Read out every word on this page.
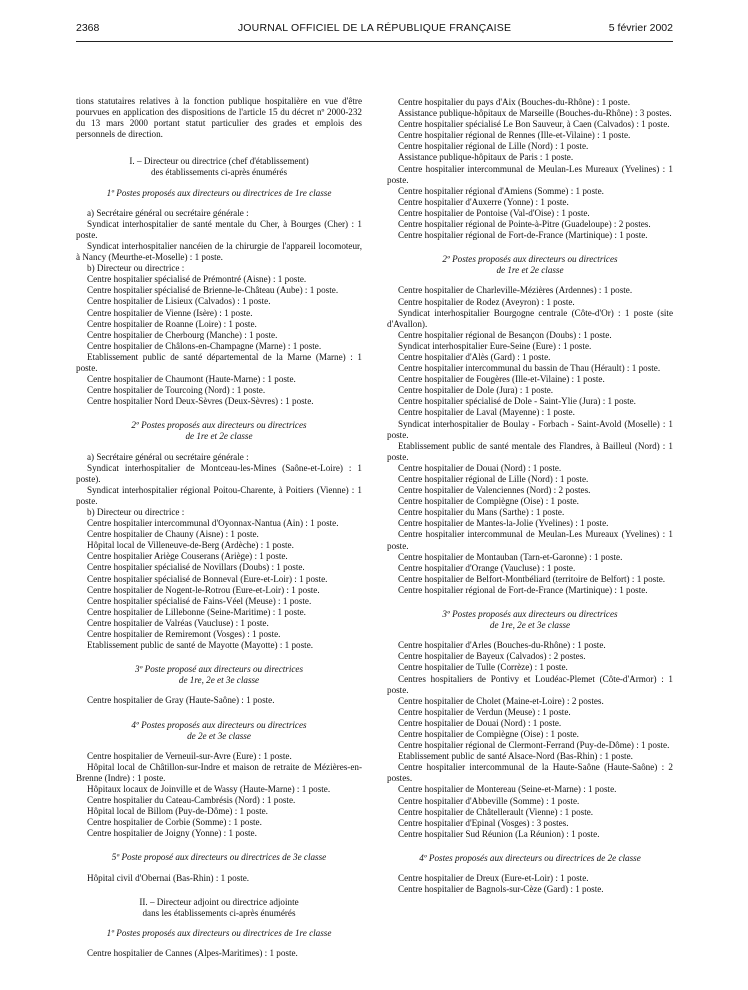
2368	JOURNAL OFFICIEL DE LA RÉPUBLIQUE FRANÇAISE	5 février 2002

tions statutaires relatives à la fonction publique hospitalière en vue d'être pourvues en application des dispositions de l'article 15 du décret nº 2000-232 du 13 mars 2000 portant statut particulier des grades et emplois des personnels de direction.

I. – Directeur ou directrice (chef d'établissement)

des établissements ci-après énumérés

1º Postes proposés aux directeurs ou directrices de 1re classe

a) Secrétaire général ou secrétaire générale :

Syndicat interhospitalier de santé mentale du Cher, à Bourges (Cher) : 1 poste.

Syndicat interhospitalier nancéien de la chirurgie de l'appareil locomoteur, à Nancy (Meurthe-et-Moselle) : 1 poste.

b) Directeur ou directrice :

Centre hospitalier spécialisé de Prémontré (Aisne) : 1 poste.

Centre hospitalier spécialisé de Brienne-le-Château (Aube) : 1 poste.

Centre hospitalier de Lisieux (Calvados) : 1 poste.

Centre hospitalier de Vienne (Isère) : 1 poste.

Centre hospitalier de Roanne (Loire) : 1 poste.

Centre hospitalier de Cherbourg (Manche) : 1 poste.

Centre hospitalier de Châlons-en-Champagne (Marne) : 1 poste.

Etablissement public de santé départemental de la Marne (Marne) : 1 poste.

Centre hospitalier de Chaumont (Haute-Marne) : 1 poste.

Centre hospitalier de Tourcoing (Nord) : 1 poste.

Centre hospitalier Nord Deux-Sèvres (Deux-Sèvres) : 1 poste.

2º Postes proposés aux directeurs ou directrices

de 1re et 2e classe

a) Secrétaire général ou secrétaire générale :

Syndicat interhospitalier de Montceau-les-Mines (Saône-et-Loire) : 1 poste).

Syndicat interhospitalier régional Poitou-Charente, à Poitiers (Vienne) : 1 poste.

b) Directeur ou directrice :

Centre hospitalier intercommunal d'Oyonnax-Nantua (Ain) : 1 poste.

Centre hospitalier de Chauny (Aisne) : 1 poste.

Hôpital local de Villeneuve-de-Berg (Ardèche) : 1 poste.

Centre hospitalier Ariège Couserans (Ariège) : 1 poste.

Centre hospitalier spécialisé de Novillars (Doubs) : 1 poste.

Centre hospitalier spécialisé de Bonneval (Eure-et-Loir) : 1 poste.

Centre hospitalier de Nogent-le-Rotrou (Eure-et-Loir) : 1 poste.

Centre hospitalier spécialisé de Fains-Véel (Meuse) : 1 poste.

Centre hospitalier de Lillebonne (Seine-Maritime) : 1 poste.

Centre hospitalier de Valréas (Vaucluse) : 1 poste.

Centre hospitalier de Remiremont (Vosges) : 1 poste.

Etablissement public de santé de Mayotte (Mayotte) : 1 poste.

3º Poste proposé aux directeurs ou directrices

de 1re, 2e et 3e classe

Centre hospitalier de Gray (Haute-Saône) : 1 poste.

4º Postes proposés aux directeurs ou directrices

de 2e et 3e classe

Centre hospitalier de Verneuil-sur-Avre (Eure) : 1 poste.

Hôpital local de Châtillon-sur-Indre et maison de retraite de Mézières-en-Brenne (Indre) : 1 poste.

Hôpitaux locaux de Joinville et de Wassy (Haute-Marne) : 1 poste.

Centre hospitalier du Cateau-Cambrésis (Nord) : 1 poste.

Hôpital local de Billom (Puy-de-Dôme) : 1 poste.

Centre hospitalier de Corbie (Somme) : 1 poste.

Centre hospitalier de Joigny (Yonne) : 1 poste.

5º Poste proposé aux directeurs ou directrices de 3e classe

Hôpital civil d'Obernai (Bas-Rhin) : 1 poste.

II. – Directeur adjoint ou directrice adjointe

dans les établissements ci-après énumérés

1º Postes proposés aux directeurs ou directrices de 1re classe

Centre hospitalier de Cannes (Alpes-Maritimes) : 1 poste.

Centre hospitalier du pays d'Aix (Bouches-du-Rhône) : 1 poste.

Assistance publique-hôpitaux de Marseille (Bouches-du-Rhône) : 3 postes.

Centre hospitalier spécialisé Le Bon Sauveur, à Caen (Calvados) : 1 poste.

Centre hospitalier régional de Rennes (Ille-et-Vilaine) : 1 poste.

Centre hospitalier régional de Lille (Nord) : 1 poste.

Assistance publique-hôpitaux de Paris : 1 poste.

Centre hospitalier intercommunal de Meulan-Les Mureaux (Yvelines) : 1 poste.

Centre hospitalier régional d'Amiens (Somme) : 1 poste.

Centre hospitalier d'Auxerre (Yonne) : 1 poste.

Centre hospitalier de Pontoise (Val-d'Oise) : 1 poste.

Centre hospitalier régional de Pointe-à-Pitre (Guadeloupe) : 2 postes.

Centre hospitalier régional de Fort-de-France (Martinique) : 1 poste.

2º Postes proposés aux directeurs ou directrices

de 1re et 2e classe

Centre hospitalier de Charleville-Mézières (Ardennes) : 1 poste.

Centre hospitalier de Rodez (Aveyron) : 1 poste.

Syndicat interhospitalier Bourgogne centrale (Côte-d'Or) : 1 poste (site d'Avallon).

Centre hospitalier régional de Besançon (Doubs) : 1 poste.

Syndicat interhospitalier Eure-Seine (Eure) : 1 poste.

Centre hospitalier d'Alès (Gard) : 1 poste.

Centre hospitalier intercommunal du bassin de Thau (Hérault) : 1 poste.

Centre hospitalier de Fougères (Ille-et-Vilaine) : 1 poste.

Centre hospitalier de Dole (Jura) : 1 poste.

Centre hospitalier spécialisé de Dole - Saint-Ylie (Jura) : 1 poste.

Centre hospitalier de Laval (Mayenne) : 1 poste.

Syndicat interhospitalier de Boulay - Forbach - Saint-Avold (Moselle) : 1 poste.

Etablissement public de santé mentale des Flandres, à Bailleul (Nord) : 1 poste.

Centre hospitalier de Douai (Nord) : 1 poste.

Centre hospitalier régional de Lille (Nord) : 1 poste.

Centre hospitalier de Valenciennes (Nord) : 2 postes.

Centre hospitalier de Compiègne (Oise) : 1 poste.

Centre hospitalier du Mans (Sarthe) : 1 poste.

Centre hospitalier de Mantes-la-Jolie (Yvelines) : 1 poste.

Centre hospitalier intercommunal de Meulan-Les Mureaux (Yvelines) : 1 poste.

Centre hospitalier de Montauban (Tarn-et-Garonne) : 1 poste.

Centre hospitalier d'Orange (Vaucluse) : 1 poste.

Centre hospitalier de Belfort-Montbéliard (territoire de Belfort) : 1 poste.

Centre hospitalier régional de Fort-de-France (Martinique) : 1 poste.

3º Postes proposés aux directeurs ou directrices

de 1re, 2e et 3e classe

Centre hospitalier d'Arles (Bouches-du-Rhône) : 1 poste.

Centre hospitalier de Bayeux (Calvados) : 2 postes.

Centre hospitalier de Tulle (Corrèze) : 1 poste.

Centres hospitaliers de Pontivy et Loudéac-Plemet (Côte-d'Armor) : 1 poste.

Centre hospitalier de Cholet (Maine-et-Loire) : 2 postes.

Centre hospitalier de Verdun (Meuse) : 1 poste.

Centre hospitalier de Douai (Nord) : 1 poste.

Centre hospitalier de Compiègne (Oise) : 1 poste.

Centre hospitalier régional de Clermont-Ferrand (Puy-de-Dôme) : 1 poste.

Etablissement public de santé Alsace-Nord (Bas-Rhin) : 1 poste.

Centre hospitalier intercommunal de la Haute-Saône (Haute-Saône) : 2 postes.

Centre hospitalier de Montereau (Seine-et-Marne) : 1 poste.

Centre hospitalier d'Abbeville (Somme) : 1 poste.

Centre hospitalier de Châtellerault (Vienne) : 1 poste.

Centre hospitalier d'Epinal (Vosges) : 3 postes.

Centre hospitalier Sud Réunion (La Réunion) : 1 poste.

4º Postes proposés aux directeurs ou directrices de 2e classe

Centre hospitalier de Dreux (Eure-et-Loir) : 1 poste.

Centre hospitalier de Bagnols-sur-Cèze (Gard) : 1 poste.
